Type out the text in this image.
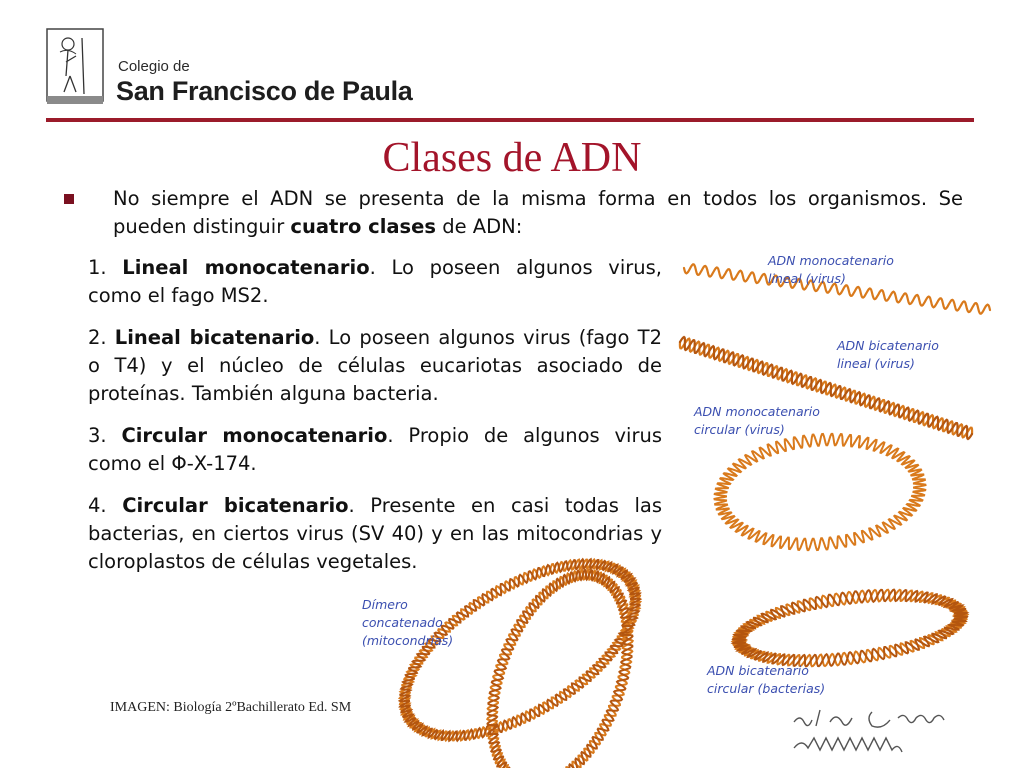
Colegio de
San Francisco de Paula
Clases de ADN
No siempre el ADN se presenta de la misma forma en todos los organismos. Se pueden distinguir cuatro clases de ADN:
1. Lineal monocatenario. Lo poseen algunos virus, como el fago MS2.
2. Lineal bicatenario. Lo poseen algunos virus (fago T2 o T4) y el núcleo de células eucariotas asociado de proteínas. También alguna bacteria.
3. Circular monocatenario. Propio de algunos virus como el Φ-X-174.
4. Circular bicatenario. Presente en casi todas las bacterias, en ciertos virus (SV 40) y en las mitocondrias y cloroplastos de células vegetales.
ADN monocatenario
lineal (virus)
ADN bicatenario
lineal (virus)
ADN monocatenario
circular (virus)
Dímero
concatenado
(mitocondrias)
ADN bicatenario
circular (bacterias)
IMAGEN: Biología 2ºBachillerato Ed. SM
